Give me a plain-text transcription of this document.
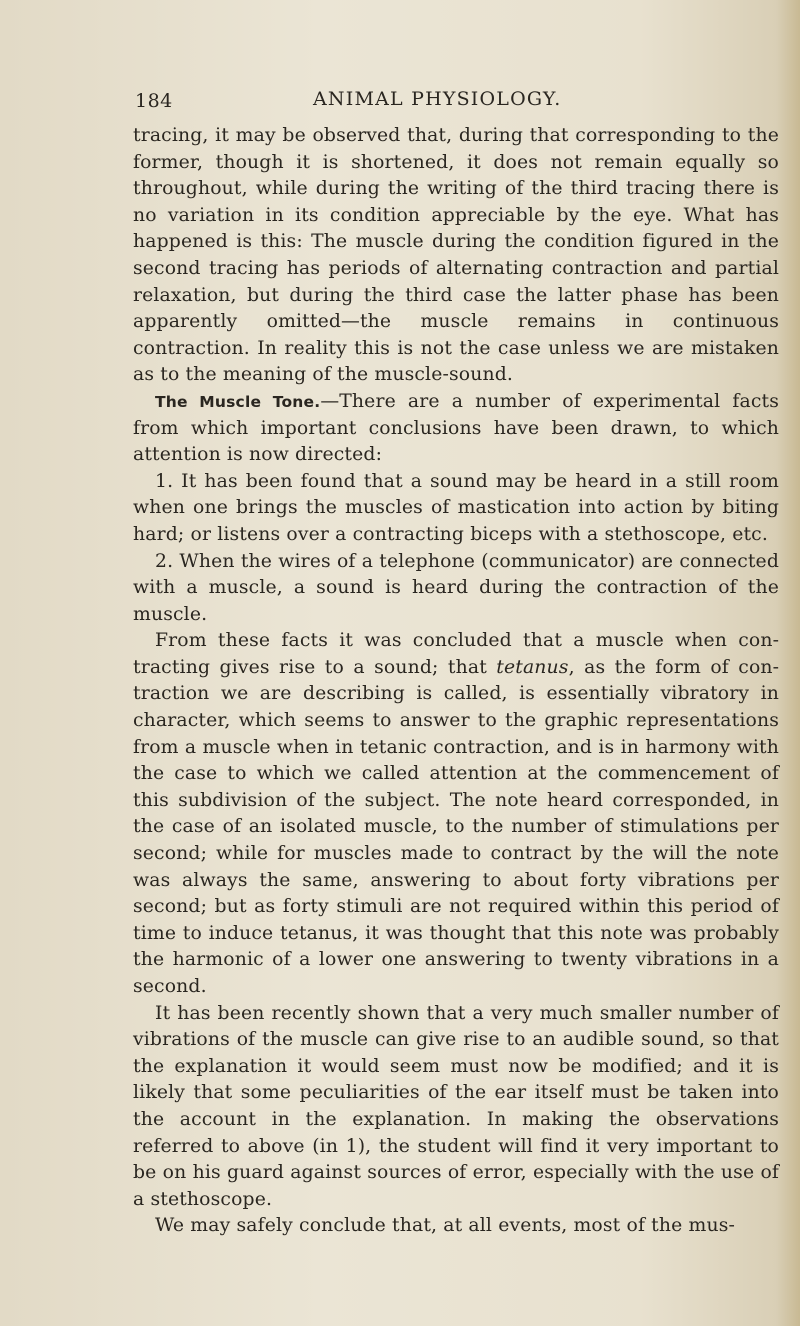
184	ANIMAL PHYSIOLOGY.

tracing, it may be observed that, during that corresponding to the former, though it is shortened, it does not remain equally so throughout, while during the writing of the third tracing there is no variation in its condition appreciable by the eye. What has happened is this: The muscle during the condition figured in the second tracing has periods of alternating contraction and partial relaxation, but during the third case the latter phase has been apparently omitted—the muscle remains in continuous contraction. In reality this is not the case unless we are mistaken as to the meaning of the muscle-sound.

The Muscle Tone.—There are a number of experimental facts from which important conclusions have been drawn, to which attention is now directed:

1. It has been found that a sound may be heard in a still room when one brings the muscles of mastication into action by biting hard; or listens over a contracting biceps with a stethoscope, etc.

2. When the wires of a telephone (communicator) are connected with a muscle, a sound is heard during the contraction of the muscle.

From these facts it was concluded that a muscle when contracting gives rise to a sound; that tetanus, as the form of contraction we are describing is called, is essentially vibratory in character, which seems to answer to the graphic representations from a muscle when in tetanic contraction, and is in harmony with the case to which we called attention at the commencement of this subdivision of the subject. The note heard corresponded, in the case of an isolated muscle, to the number of stimulations per second; while for muscles made to contract by the will the note was always the same, answering to about forty vibrations per second; but as forty stimuli are not required within this period of time to induce tetanus, it was thought that this note was probably the harmonic of a lower one answering to twenty vibrations in a second.

It has been recently shown that a very much smaller number of vibrations of the muscle can give rise to an audible sound, so that the explanation it would seem must now be modified; and it is likely that some peculiarities of the ear itself must be taken into the account in the explanation. In making the observations referred to above (in 1), the student will find it very important to be on his guard against sources of error, especially with the use of a stethoscope.

We may safely conclude that, at all events, most of the mus-
